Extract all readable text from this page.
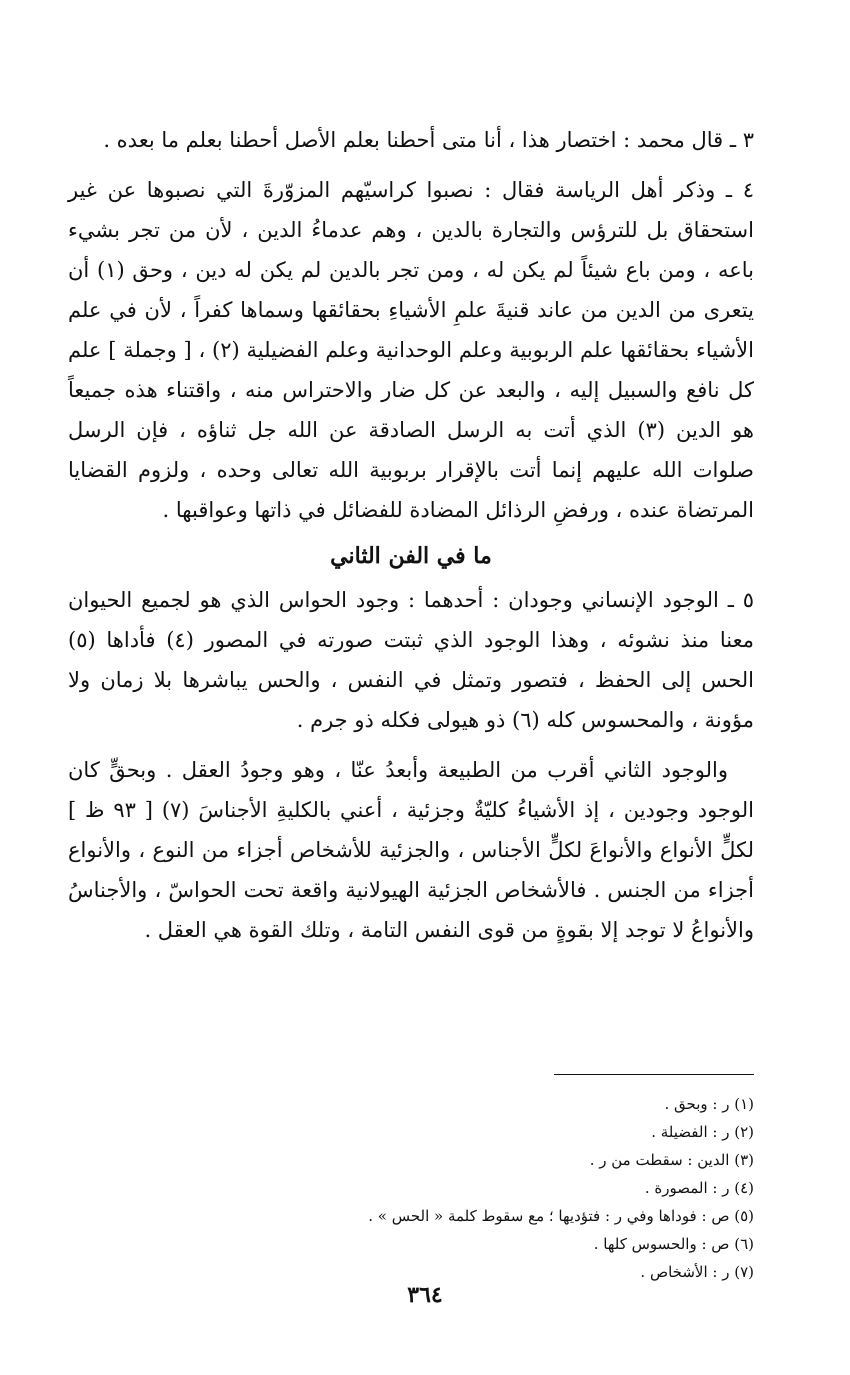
٣ ـ قال محمد : اختصار هذا ، أنا متى أحطنا بعلم الأصل أحطنا بعلم ما بعده .

٤ ـ وذكر أهل الرياسة فقال : نصبوا كراسيّهم المزوّرةَ التي نصبوها عن غير استحقاق بل للترؤس والتجارة بالدين ، وهم عدماءُ الدين ، لأن من تجر بشيء باعه ، ومن باع شيئاً لم يكن له ، ومن تجر بالدين لم يكن له دين ، وحق (١) أن يتعرى من الدين من عاند قنيةَ علمِ الأشياءِ بحقائقها وسماها كفراً ، لأن في علم الأشياء بحقائقها علم الربوبية وعلم الوحدانية وعلم الفضيلية (٢) ، [ وجملة ] علم كل نافع والسبيل إليه ، والبعد عن كل ضار والاحتراس منه ، واقتناء هذه جميعاً هو الدين (٣) الذي أتت به الرسل الصادقة عن الله جل ثناؤه ، فإن الرسل صلوات الله عليهم إنما أتت بالإقرار بربوبية الله تعالى وحده ، ولزوم القضايا المرتضاة عنده ، ورفضِ الرذائل المضادة للفضائل في ذاتها وعواقبها .

ما في الفن الثاني

٥ ـ الوجود الإنساني وجودان : أحدهما : وجود الحواس الذي هو لجميع الحيوان معنا منذ نشوئه ، وهذا الوجود الذي ثبتت صورته في المصور (٤) فأداها (٥) الحس إلى الحفظ ، فتصور وتمثل في النفس ، والحس يباشرها بلا زمان ولا مؤونة ، والمحسوس كله (٦) ذو هيولى فكله ذو جرم .

والوجود الثاني أقرب من الطبيعة وأبعدُ عنّا ، وهو وجودُ العقل . وبحقٍّ كان الوجود وجودين ، إذ الأشياءُ كليّةٌ وجزئية ، أعني بالكليةِ الأجناسَ (٧) [ ٩٣ ظ ] لكلٍّ الأنواع والأنواعَ لكلٍّ الأجناس ، والجزئية للأشخاص أجزاء من النوع ، والأنواع أجزاء من الجنس . فالأشخاص الجزئية الهيولانية واقعة تحت الحواسّ ، والأجناسُ والأنواعُ لا توجد إلا بقوةٍ من قوى النفس التامة ، وتلك القوة هي العقل .

(١) ر : وبحق .
(٢) ر : الفضيلة .
(٣) الدين : سقطت من ر .
(٤) ر : المصورة .
(٥) ص : فوداها وفي ر : فتؤديها ؛ مع سقوط كلمة « الحس » .
(٦) ص : والحسوس كلها .
(٧) ر : الأشخاص .
٣٦٤
